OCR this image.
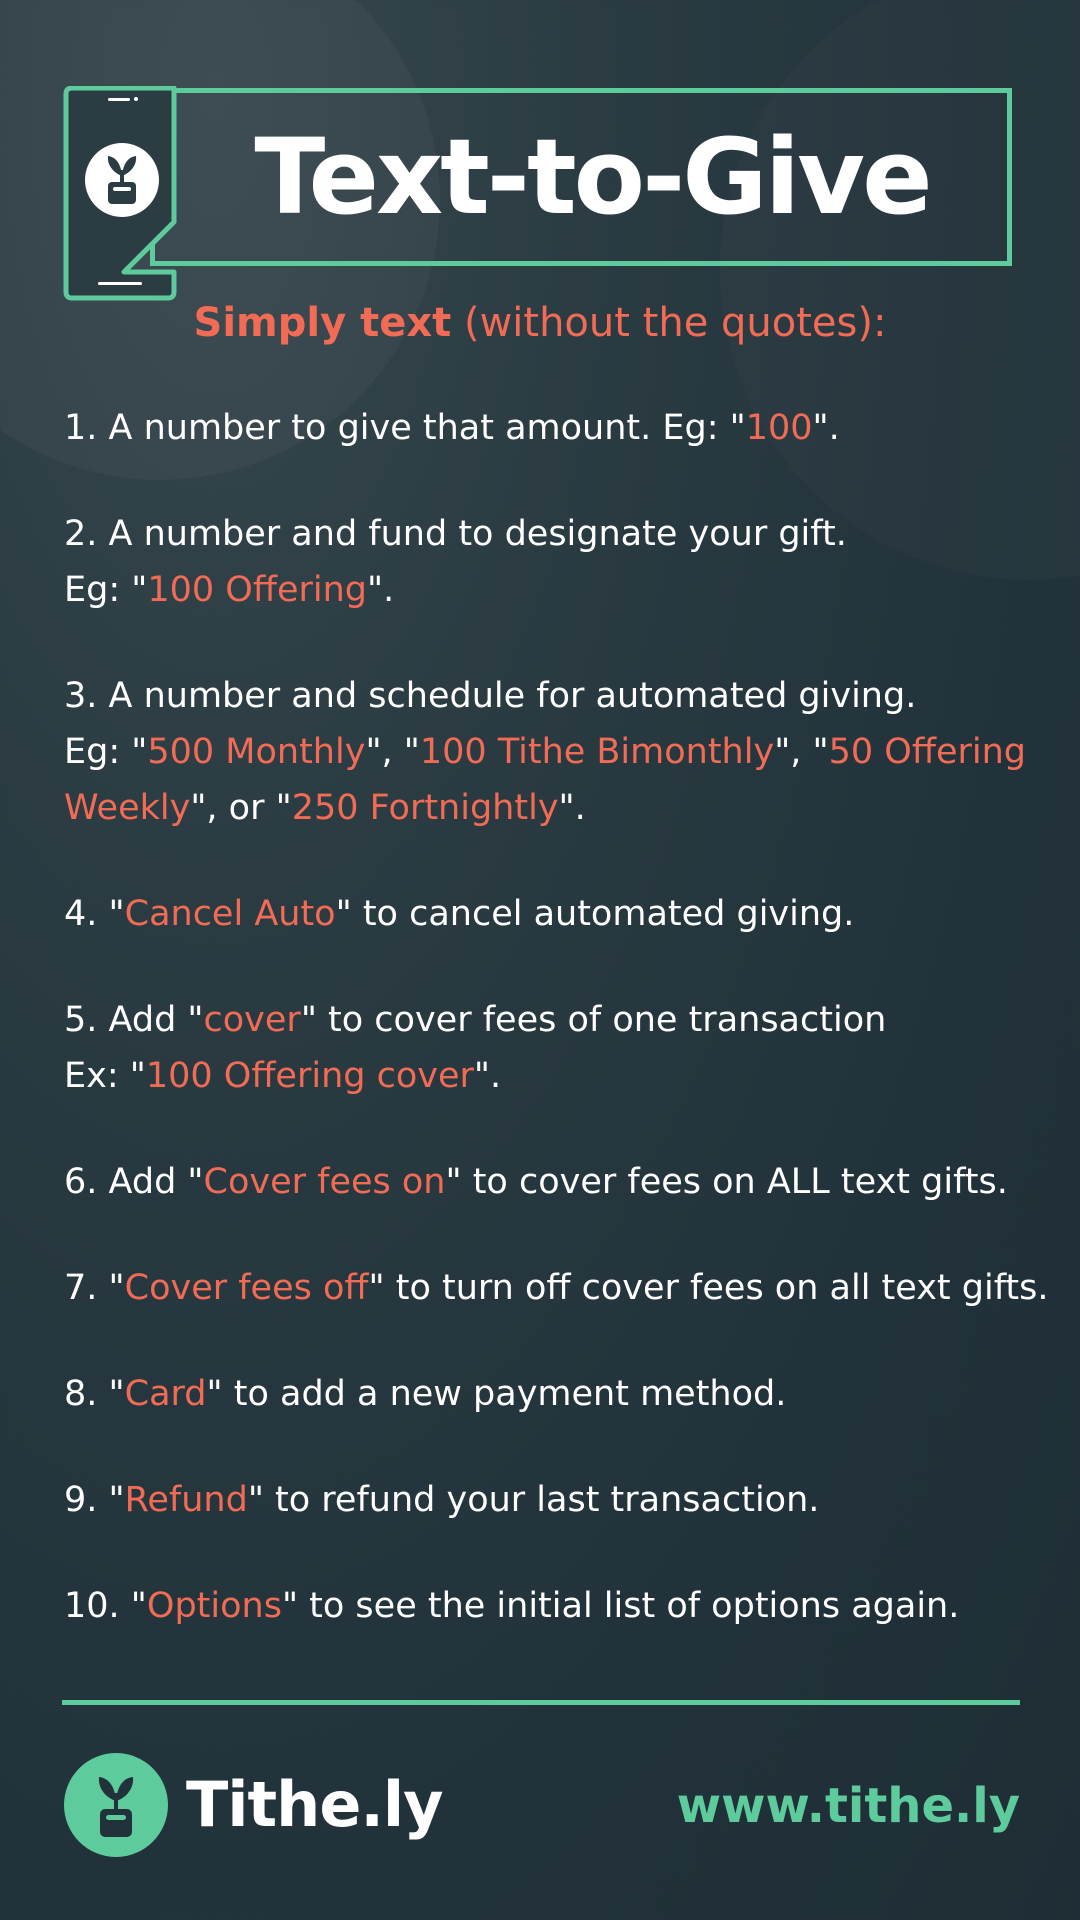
Text-to-Give
Simply text (without the quotes):
1. A number to give that amount. Eg: "100".
2. A number and fund to designate your gift.
Eg: "100 Offering".
3. A number and schedule for automated giving.
Eg: "500 Monthly", "100 Tithe Bimonthly", "50 Offering
Weekly", or "250 Fortnightly".
4. "Cancel Auto" to cancel automated giving.
5. Add "cover" to cover fees of one transaction
Ex: "100 Offering cover".
6. Add "Cover fees on" to cover fees on ALL text gifts.
7. "Cover fees off" to turn off cover fees on all text gifts.
8. "Card" to add a new payment method.
9. "Refund" to refund your last transaction.
10. "Options" to see the initial list of options again.
Tithe.ly	www.tithe.ly
